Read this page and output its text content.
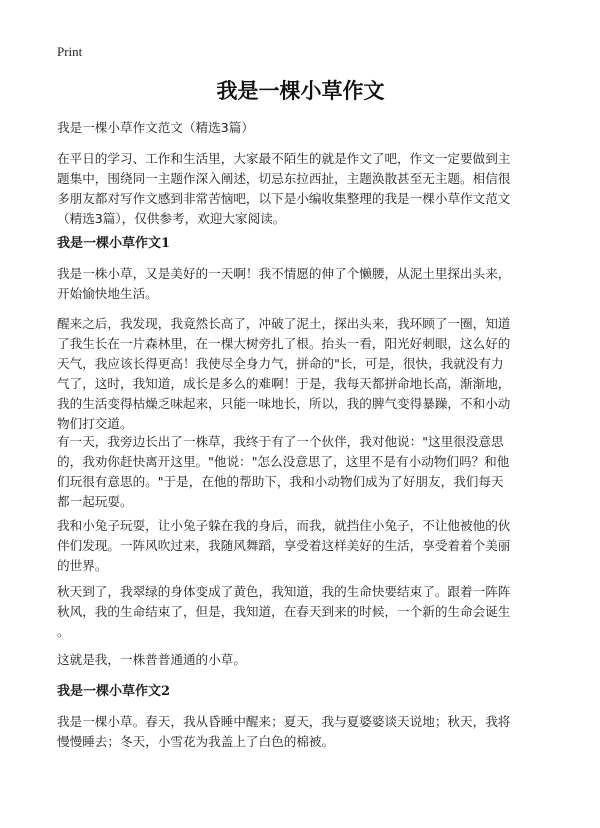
Print
我是一棵小草作文
我是一棵小草作文范文（精选3篇）

在平日的学习、工作和生活里，大家最不陌生的就是作文了吧，作文一定要做到主
题集中，围绕同一主题作深入阐述，切忌东拉西扯，主题涣散甚至无主题。相信很
多朋友都对写作文感到非常苦恼吧，以下是小编收集整理的我是一棵小草作文范文
（精选3篇），仅供参考，欢迎大家阅读。

我是一棵小草作文1

我是一株小草，又是美好的一天啊！我不情愿的伸了个懒腰，从泥土里探出头来，
开始愉快地生活。

醒来之后，我发现，我竟然长高了，冲破了泥土，探出头来，我环顾了一圈，知道
了我生长在一片森林里，在一棵大树旁扎了根。抬头一看，阳光好刺眼，这么好的
天气，我应该长得更高！我使尽全身力气，拼命的"长，可是，很快，我就没有力
气了，这时，我知道，成长是多么的难啊！于是，我每天都拼命地长高，渐渐地，
我的生活变得枯燥乏味起来，只能一味地长，所以，我的脾气变得暴躁，不和小动
物们打交道。

有一天，我旁边长出了一株草，我终于有了一个伙伴，我对他说："这里很没意思
的，我劝你赶快离开这里。"他说："怎么没意思了，这里不是有小动物们吗？和他
们玩很有意思的。"于是，在他的帮助下，我和小动物们成为了好朋友，我们每天
都一起玩耍。

我和小兔子玩耍，让小兔子躲在我的身后，而我，就挡住小兔子，不让他被他的伙
伴们发现。一阵风吹过来，我随风舞蹈，享受着这样美好的生活，享受着着个美丽
的世界。

秋天到了，我翠绿的身体变成了黄色，我知道，我的生命快要结束了。跟着一阵阵
秋风，我的生命结束了，但是，我知道，在春天到来的时候，一个新的生命会诞生
。

这就是我，一株普普通通的小草。

我是一棵小草作文2

我是一棵小草。春天，我从昏睡中醒来；夏天，我与夏婆婆谈天说地；秋天，我将
慢慢睡去；冬天，小雪花为我盖上了白色的棉被。
